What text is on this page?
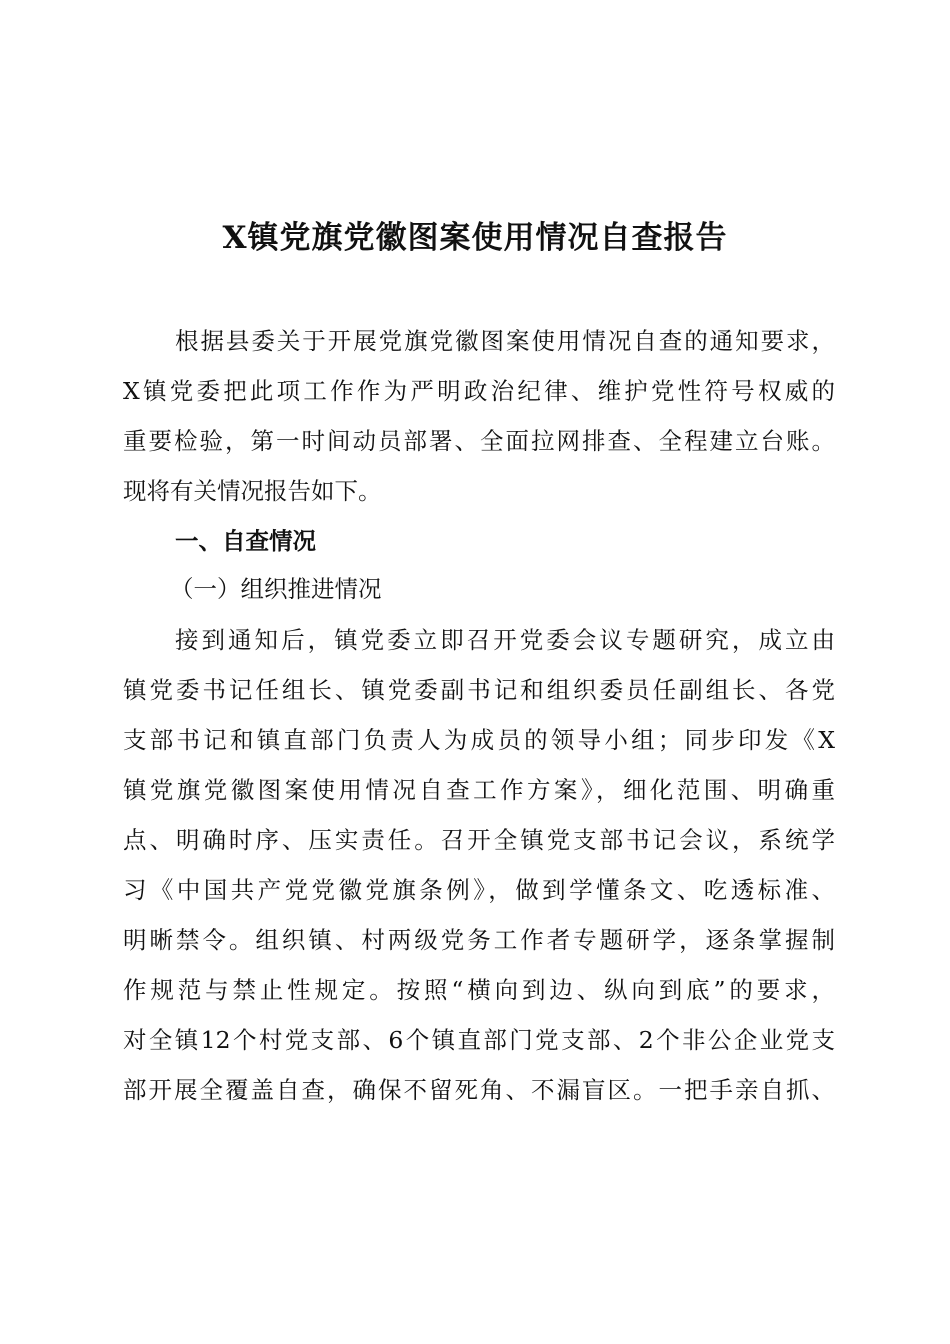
X镇党旗党徽图案使用情况自查报告
根据县委关于开展党旗党徽图案使用情况自查的通知要求，
X镇党委把此项工作作为严明政治纪律、维护党性符号权威的
重要检验，第一时间动员部署、全面拉网排查、全程建立台账。
现将有关情况报告如下。
一、自查情况
（一）组织推进情况
接到通知后，镇党委立即召开党委会议专题研究，成立由
镇党委书记任组长、镇党委副书记和组织委员任副组长、各党
支部书记和镇直部门负责人为成员的领导小组；同步印发《X
镇党旗党徽图案使用情况自查工作方案》，细化范围、明确重
点、明确时序、压实责任。召开全镇党支部书记会议，系统学
习《中国共产党党徽党旗条例》，做到学懂条文、吃透标准、
明晰禁令。组织镇、村两级党务工作者专题研学，逐条掌握制
作规范与禁止性规定。按照“横向到边、纵向到底”的要求，
对全镇12个村党支部、6个镇直部门党支部、2个非公企业党支
部开展全覆盖自查，确保不留死角、不漏盲区。一把手亲自抓、
